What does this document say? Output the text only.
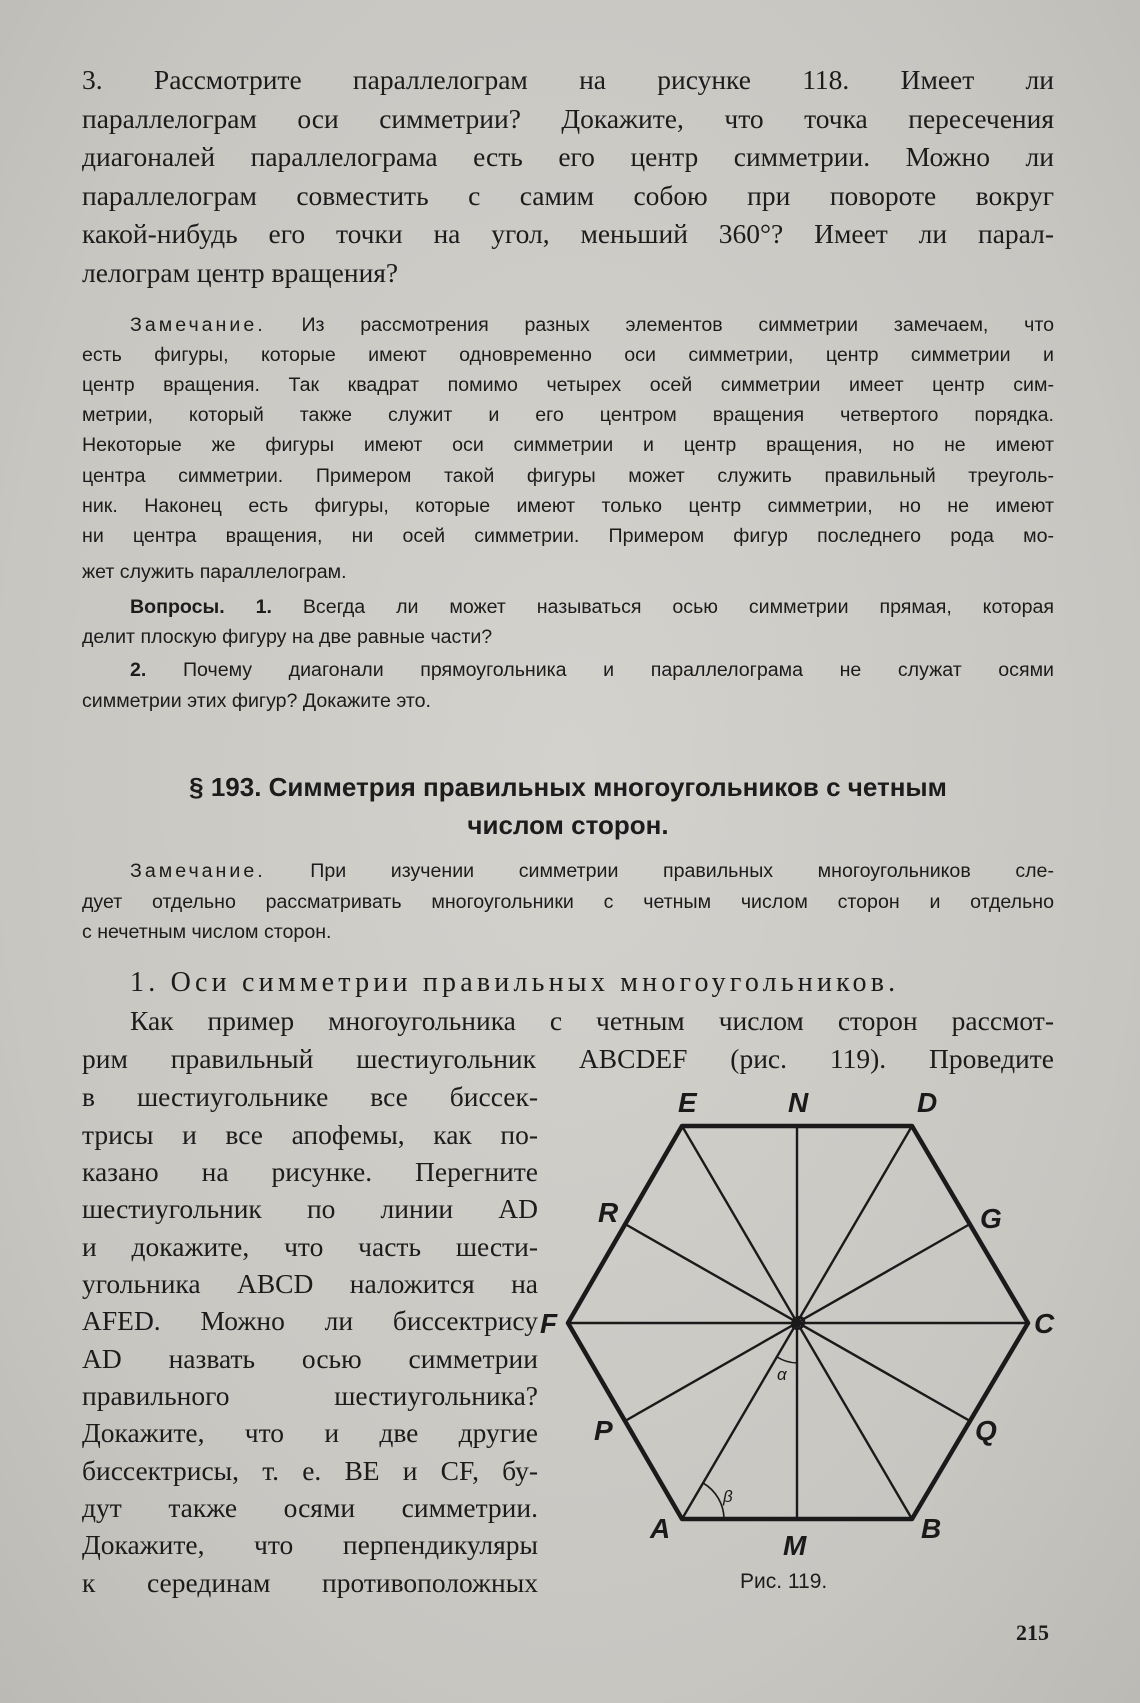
3. Рассмотрите параллелограм на рисунке 118. Имеет ли

параллелограм оси симметрии? Докажите, что точка пересечения

диагоналей параллелограма есть его центр симметрии. Можно ли

параллелограм совместить с самим собою при повороте вокруг

какой-нибудь его точки на угол, меньший 360°? Имеет ли парал-

лелограм центр вращения?

Замечание. Из рассмотрения разных элементов симметрии замечаем, что

есть фигуры, которые имеют одновременно оси симметрии, центр симметрии и

центр вращения. Так квадрат помимо четырех осей симметрии имеет центр сим-

метрии, который также служит и его центром вращения четвертого порядка.

Некоторые же фигуры имеют оси симметрии и центр вращения, но не имеют

центра симметрии. Примером такой фигуры может служить правильный треуголь-

ник. Наконец есть фигуры, которые имеют только центр симметрии, но не имеют

ни центра вращения, ни осей симметрии. Примером фигур последнего рода мо-

жет служить параллелограм.

Вопросы. 1. Всегда ли может называться осью симметрии прямая, которая

делит плоскую фигуру на две равные части?

2. Почему диагонали прямоугольника и параллелограма не служат осями

симметрии этих фигур? Докажите это.

§ 193. Симметрия правильных многоугольников с четным

числом сторон.

Замечание. При изучении симметрии правильных многоугольников сле-

дует отдельно рассматривать многоугольники с четным числом сторон и отдельно

с нечетным числом сторон.

1. Оси симметрии правильных многоугольников.

Как пример многоугольника с четным числом сторон рассмот-

рим правильный шестиугольник ABCDEF (рис. 119). Проведите

в шестиугольнике все биссек-

трисы и все апофемы, как по-

казано на рисунке. Перегните

шестиугольник по линии AD

и докажите, что часть шести-

угольника ABCD наложится на

AFED. Можно ли биссектрису

AD назвать осью симметрии

правильного шестиугольника?

Докажите, что и две другие

биссектрисы, т. е. BE и CF, бу-

дут также осями симметрии.

Докажите, что перпендикуляры

к серединам противоположных

E	N	D
R	G
F	O	C
α
P	Q
β
A
M
B

Рис. 119.

215
